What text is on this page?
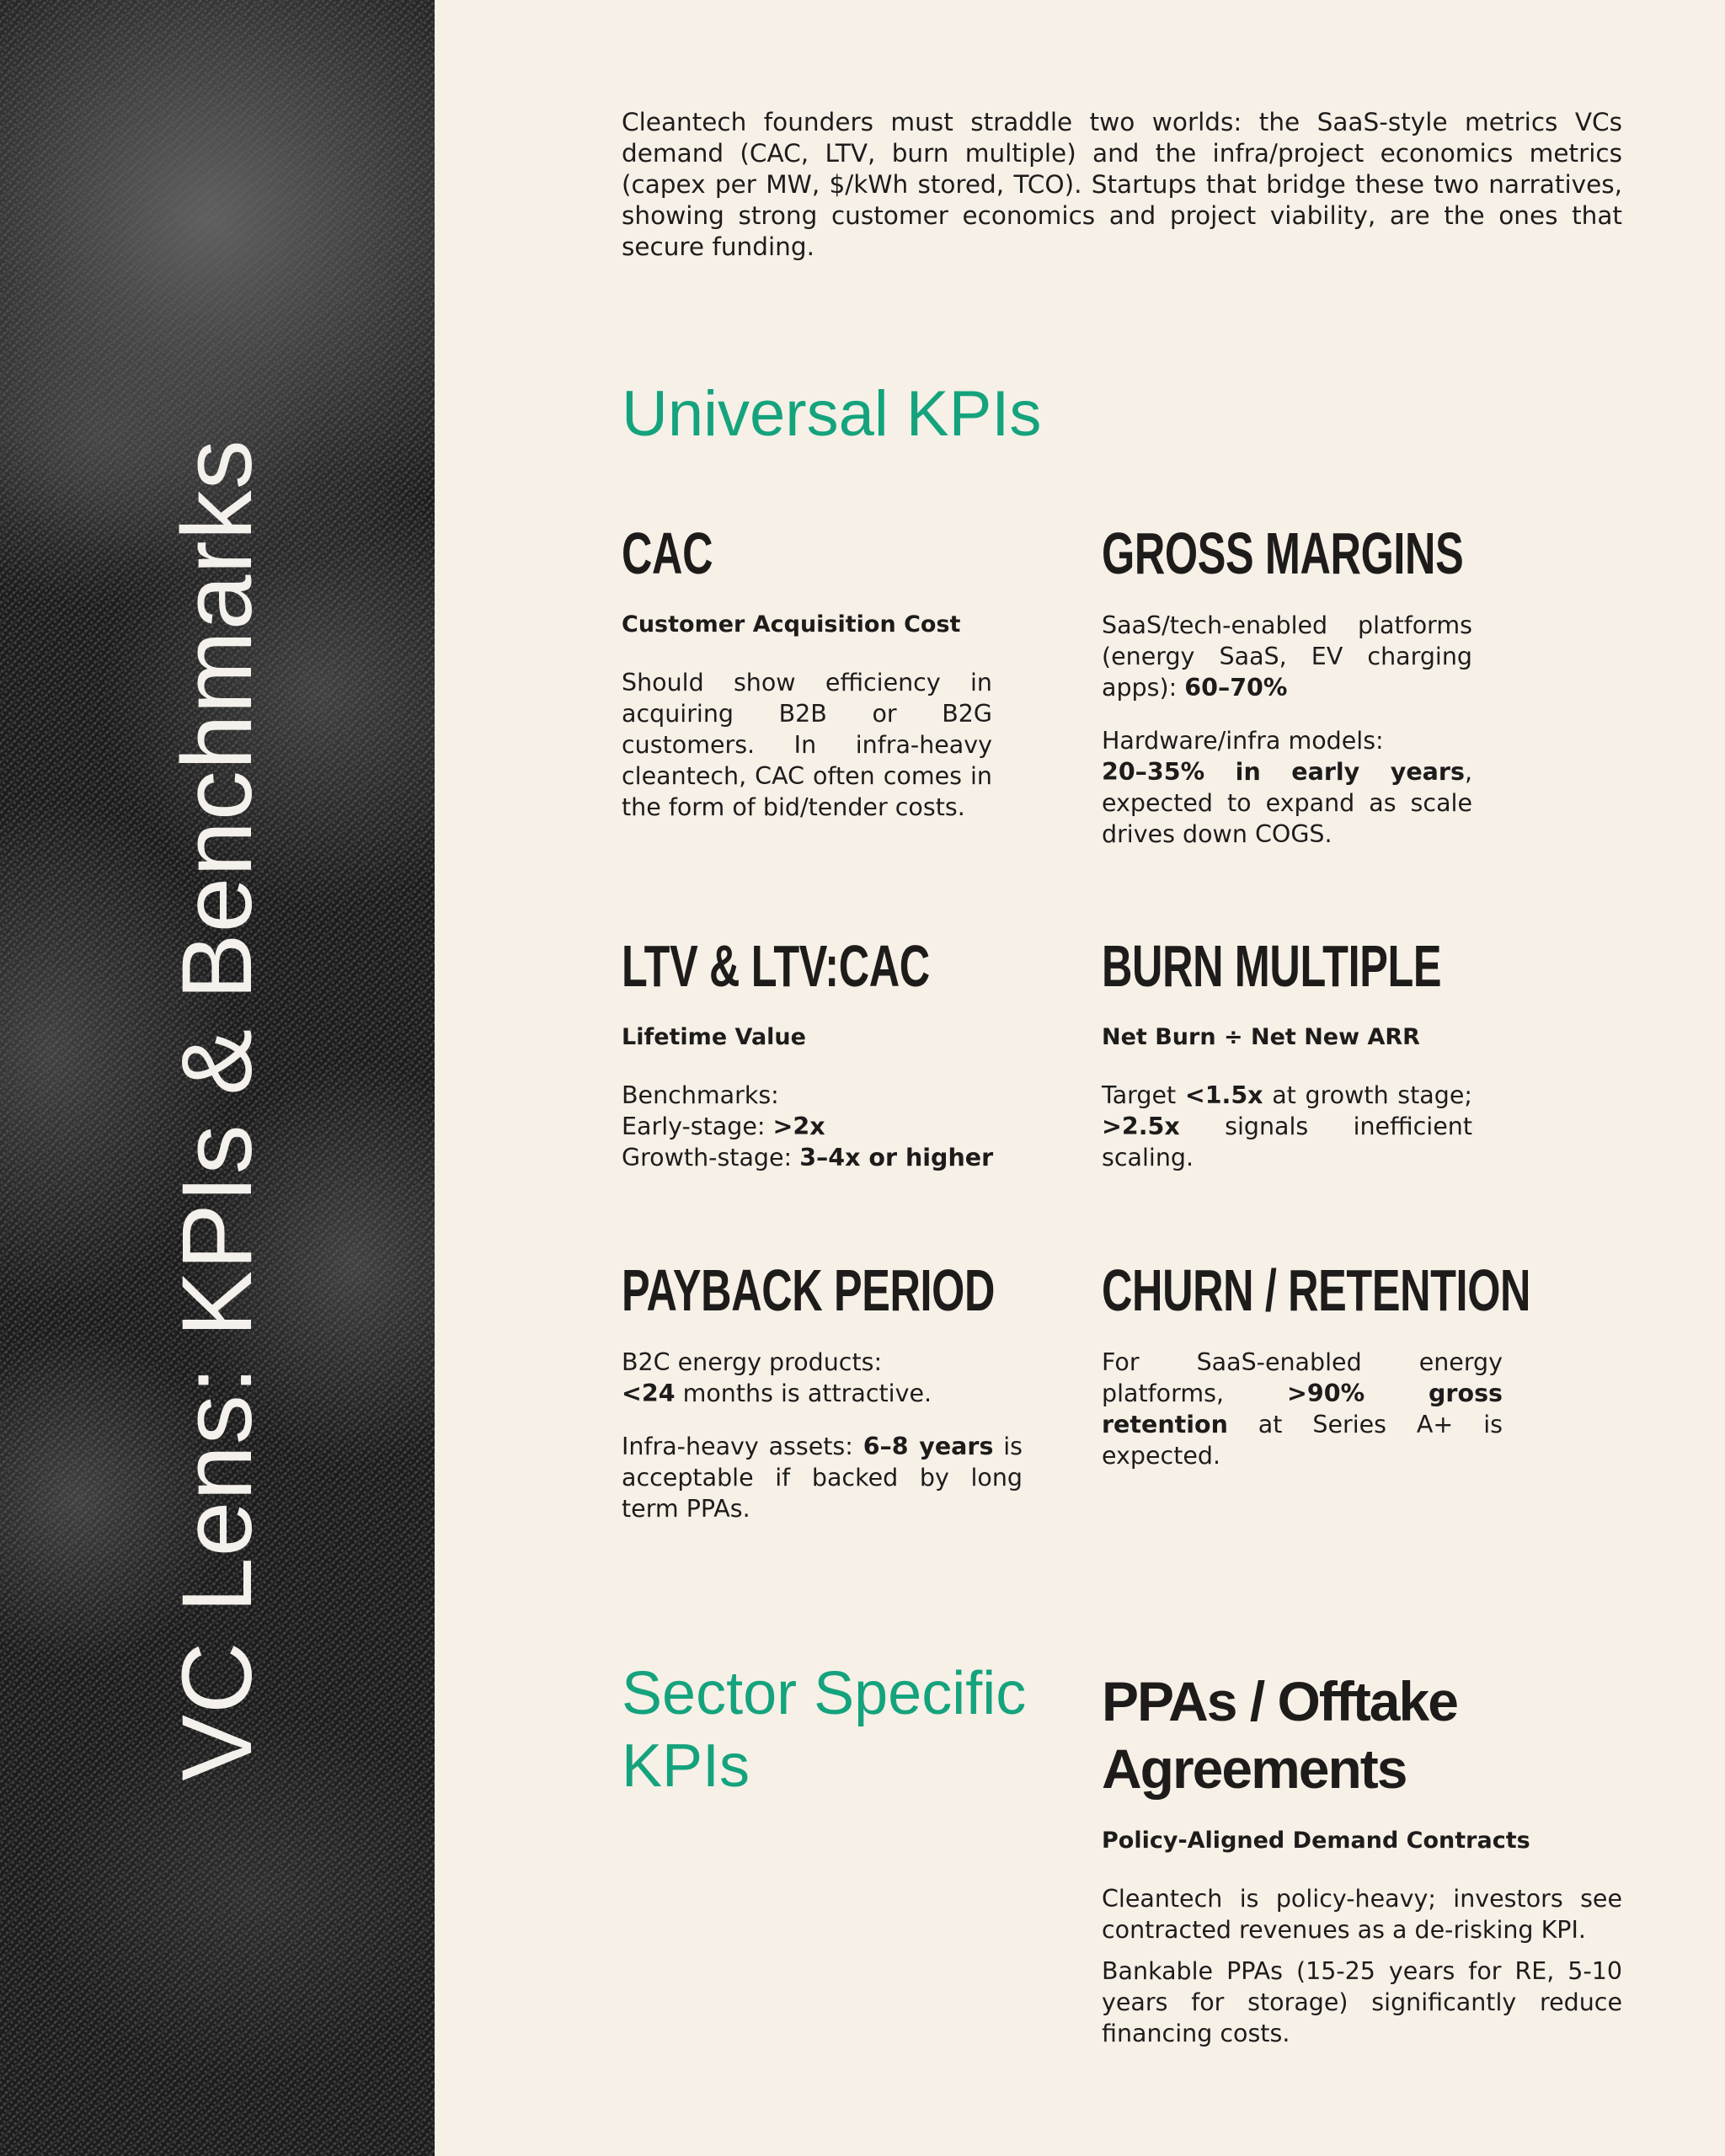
VC Lens: KPIs & Benchmarks

Cleantech founders must straddle two worlds: the SaaS-style metrics VCs demand (CAC, LTV, burn multiple) and the infra/project economics metrics (capex per MW, $/kWh stored, TCO). Startups that bridge these two narratives, showing strong customer economics and project viability, are the ones that secure funding.

Universal KPIs
CAC

Customer Acquisition Cost

Should show efficiency in acquiring B2B or B2G customers. In infra-heavy cleantech, CAC often comes in the form of bid/tender costs.

GROSS MARGINS

SaaS/tech-enabled platforms (energy SaaS, EV charging apps): 60–70%

Hardware/infra models:

20–35% in early years, expected to expand as scale drives down COGS.

LTV & LTV:CAC

Lifetime Value

Benchmarks:

Early-stage: >2x

Growth-stage: 3–4x or higher

BURN MULTIPLE

Net Burn ÷ Net New ARR

Target <1.5x at growth stage; >2.5x signals inefficient scaling.

PAYBACK PERIOD

B2C energy products:

<24 months is attractive.

Infra-heavy assets: 6–8 years is acceptable if backed by long term PPAs.

CHURN / RETENTION

For SaaS-enabled energy platforms, >90% gross retention at Series A+ is expected.

Sector Specific KPIs
PPAs / Offtake Agreements

Policy-Aligned Demand Contracts

Cleantech is policy-heavy; investors see contracted revenues as a de-risking KPI.

Bankable PPAs (15-25 years for RE, 5-10 years for storage) significantly reduce financing costs.
